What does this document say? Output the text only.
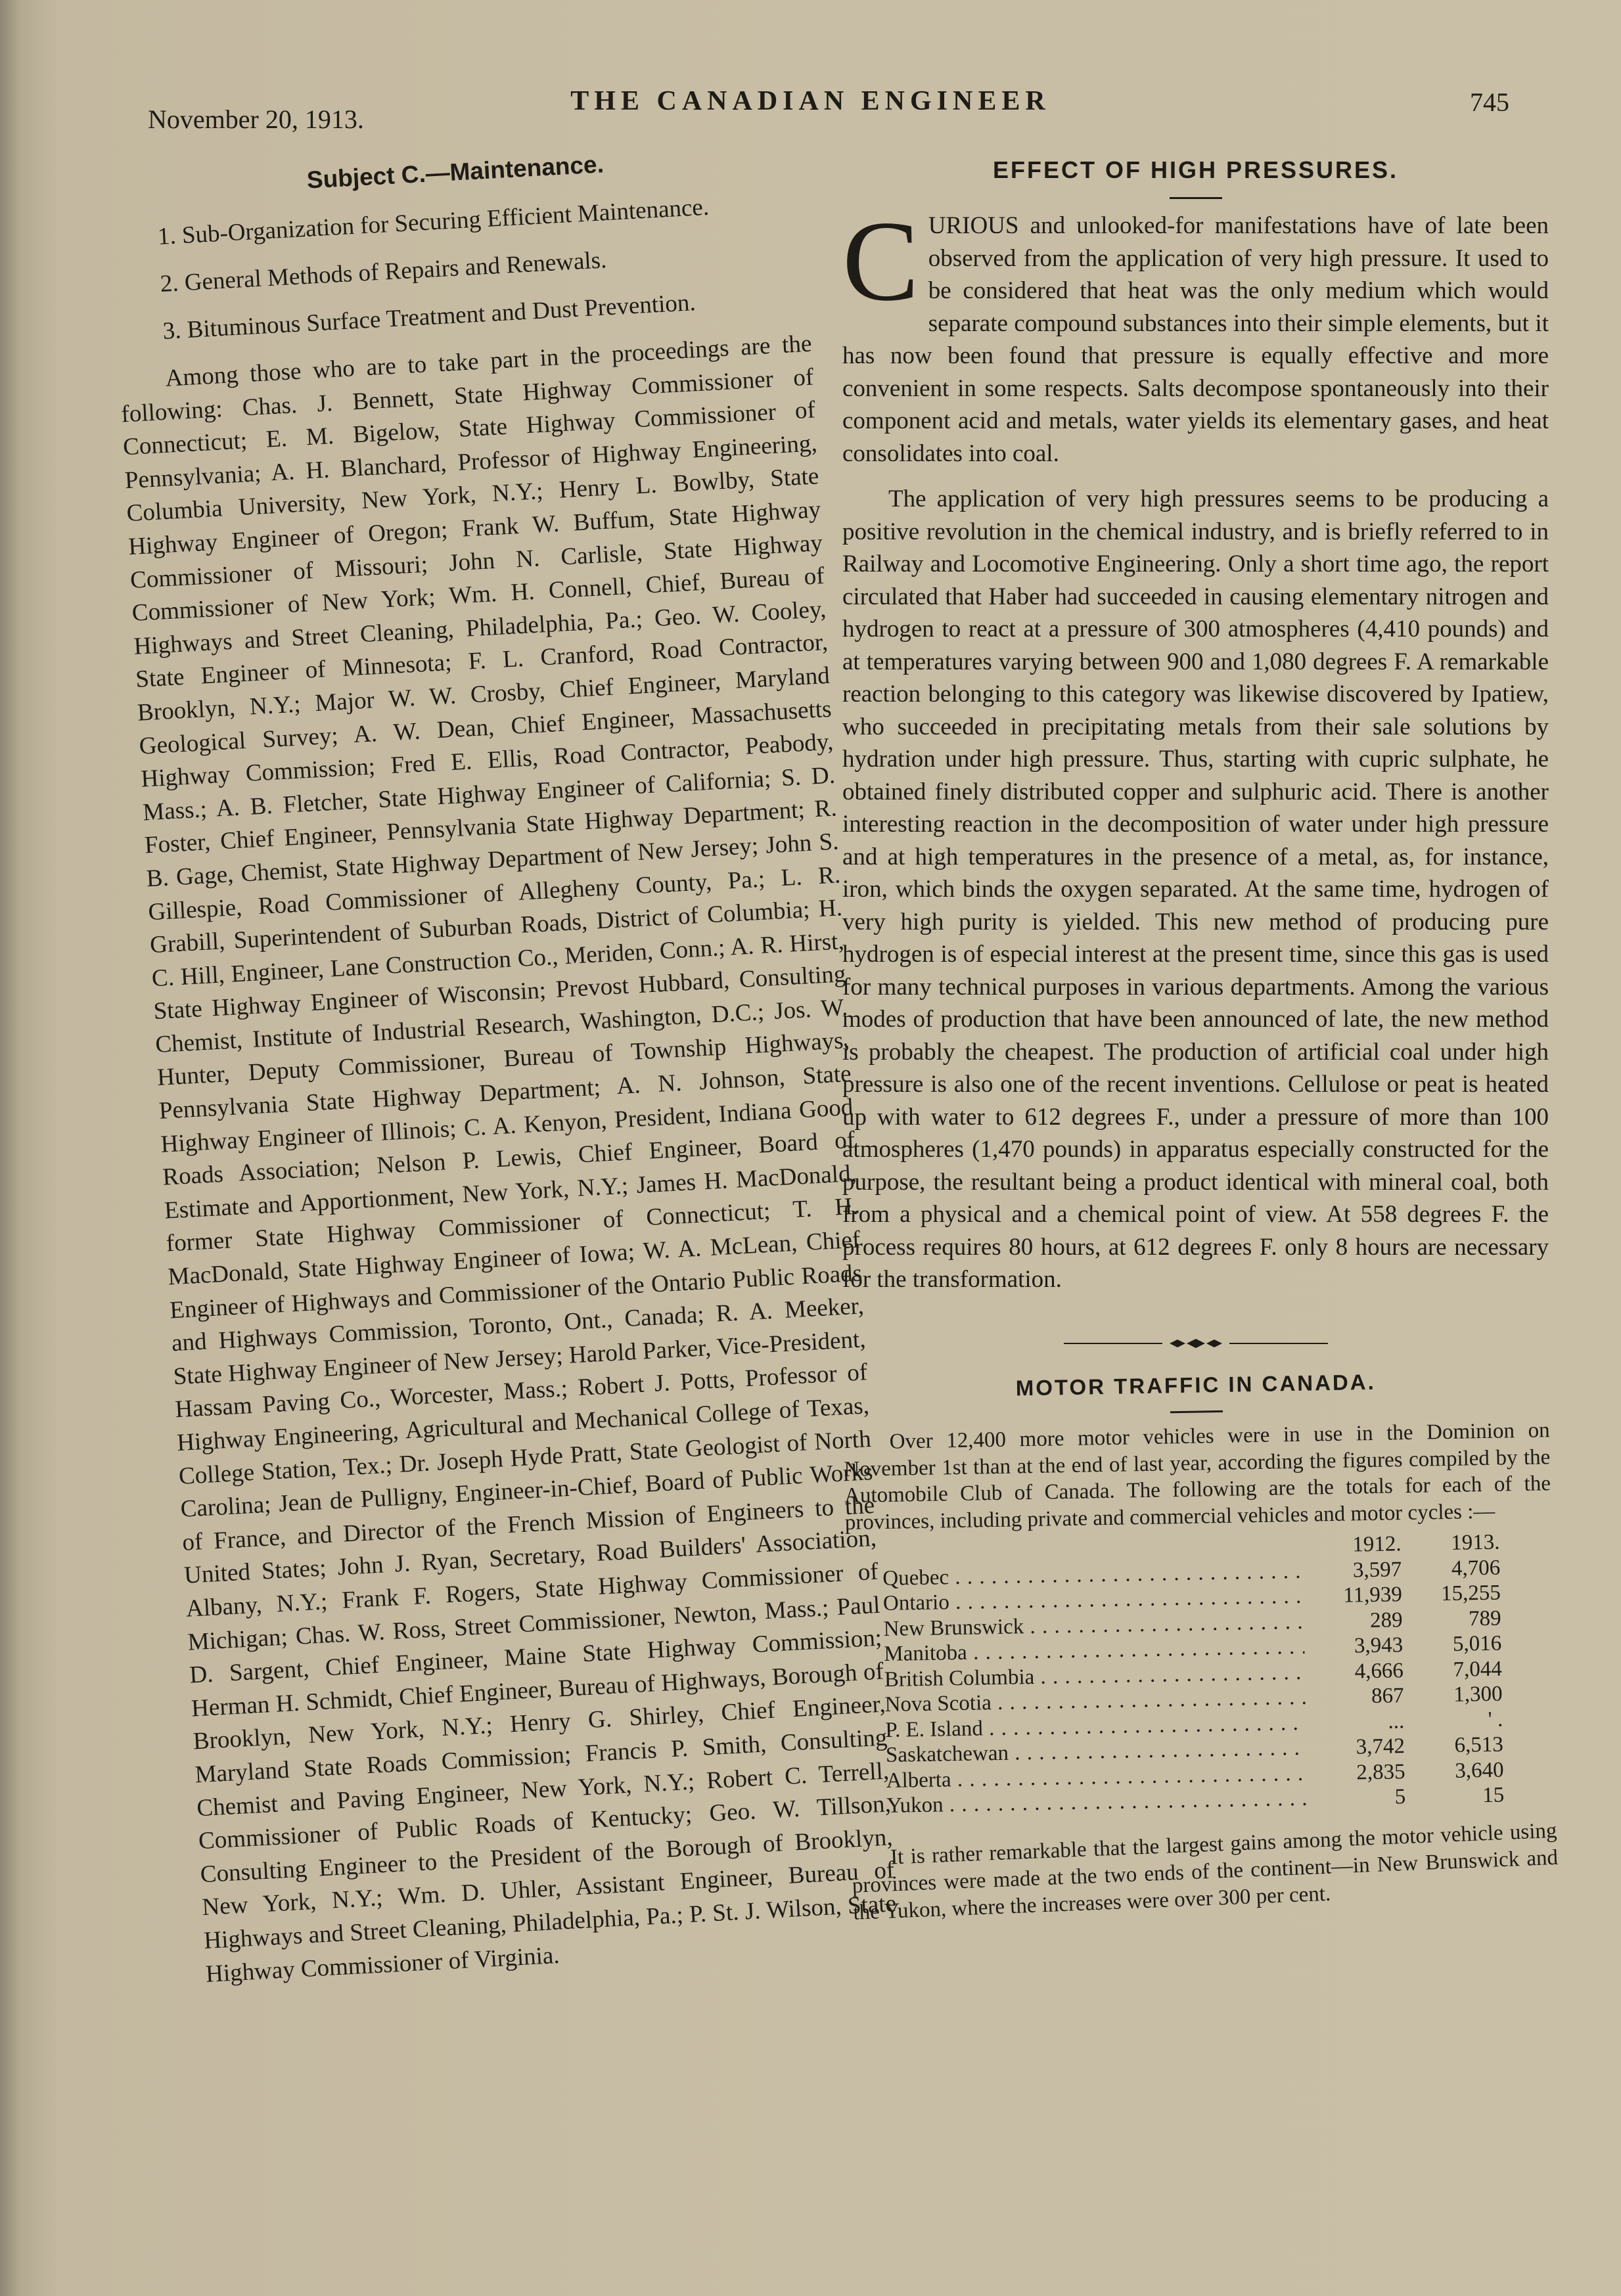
November 20, 1913.
THE CANADIAN ENGINEER	745
Subject C.—Maintenance.

1. Sub-Organization for Securing Efficient Maintenance.

2. General Methods of Repairs and Renewals.

3. Bituminous Surface Treatment and Dust Prevention.

Among those who are to take part in the proceedings are the following: Chas. J. Bennett, State Highway Commissioner of Connecticut; E. M. Bigelow, State Highway Commissioner of Pennsylvania; A. H. Blanchard, Professor of Highway Engineering, Columbia University, New York, N.Y.; Henry L. Bowlby, State Highway Engineer of Oregon; Frank W. Buffum, State Highway Commissioner of Missouri; John N. Carlisle, State Highway Commissioner of New York; Wm. H. Connell, Chief, Bureau of Highways and Street Cleaning, Philadelphia, Pa.; Geo. W. Cooley, State Engineer of Minnesota; F. L. Cranford, Road Contractor, Brooklyn, N.Y.; Major W. W. Crosby, Chief Engineer, Maryland Geological Survey; A. W. Dean, Chief Engineer, Massachusetts Highway Commission; Fred E. Ellis, Road Contractor, Peabody, Mass.; A. B. Fletcher, State Highway Engineer of California; S. D. Foster, Chief Engineer, Pennsylvania State Highway Department; R. B. Gage, Chemist, State Highway Department of New Jersey; John S. Gillespie, Road Commissioner of Allegheny County, Pa.; L. R. Grabill, Superintendent of Suburban Roads, District of Columbia; H. C. Hill, Engineer, Lane Construction Co., Meriden, Conn.; A. R. Hirst, State Highway Engineer of Wisconsin; Prevost Hubbard, Consulting Chemist, Institute of Industrial Research, Washington, D.C.; Jos. W. Hunter, Deputy Commissioner, Bureau of Township Highways, Pennsylvania State Highway Department; A. N. Johnson, State Highway Engineer of Illinois; C. A. Kenyon, President, Indiana Good Roads Association; Nelson P. Lewis, Chief Engineer, Board of Estimate and Apportionment, New York, N.Y.; James H. MacDonald, former State Highway Commissioner of Connecticut; T. H. MacDonald, State Highway Engineer of Iowa; W. A. McLean, Chief Engineer of Highways and Commissioner of the Ontario Public Roads and Highways Commission, Toronto, Ont., Canada; R. A. Meeker, State Highway Engineer of New Jersey; Harold Parker, Vice-President, Hassam Paving Co., Worcester, Mass.; Robert J. Potts, Professor of Highway Engineering, Agricultural and Mechanical College of Texas, College Station, Tex.; Dr. Joseph Hyde Pratt, State Geologist of North Carolina; Jean de Pulligny, Engineer-in-Chief, Board of Public Works of France, and Director of the French Mission of Engineers to the United States; John J. Ryan, Secretary, Road Builders' Association, Albany, N.Y.; Frank F. Rogers, State Highway Commissioner of Michigan; Chas. W. Ross, Street Commissioner, Newton, Mass.; Paul D. Sargent, Chief Engineer, Maine State Highway Commission; Herman H. Schmidt, Chief Engineer, Bureau of Highways, Borough of Brooklyn, New York, N.Y.; Henry G. Shirley, Chief Engineer, Maryland State Roads Commission; Francis P. Smith, Consulting Chemist and Paving Engineer, New York, N.Y.; Robert C. Terrell, Commissioner of Public Roads of Kentucky; Geo. W. Tillson, Consulting Engineer to the President of the Borough of Brooklyn, New York, N.Y.; Wm. D. Uhler, Assistant Engineer, Bureau of Highways and Street Cleaning, Philadelphia, Pa.; P. St. J. Wilson, State Highway Commissioner of Virginia.

EFFECT OF HIGH PRESSURES.

CURIOUS and unlooked-for manifestations have of late been observed from the application of very high pressure. It used to be considered that heat was the only medium which would separate compound substances into their simple elements, but it has now been found that pressure is equally effective and more convenient in some respects. Salts decompose spontaneously into their component acid and metals, water yields its elementary gases, and heat consolidates into coal.

The application of very high pressures seems to be producing a positive revolution in the chemical industry, and is briefly referred to in Railway and Locomotive Engineering. Only a short time ago, the report circulated that Haber had succeeded in causing elementary nitrogen and hydrogen to react at a pressure of 300 atmospheres (4,410 pounds) and at temperatures varying between 900 and 1,080 degrees F. A remarkable reaction belonging to this category was likewise discovered by Ipatiew, who succeeded in precipitating metals from their sale solutions by hydration under high pressure. Thus, starting with cupric sulphate, he obtained finely distributed copper and sulphuric acid. There is another interesting reaction in the decomposition of water under high pressure and at high temperatures in the presence of a metal, as, for instance, iron, which binds the oxygen separated. At the same time, hydrogen of very high purity is yielded. This new method of producing pure hydrogen is of especial interest at the present time, since this gas is used for many technical purposes in various departments. Among the various modes of production that have been announced of late, the new method is probably the cheapest. The production of artificial coal under high pressure is also one of the recent inventions. Cellulose or peat is heated up with water to 612 degrees F., under a pressure of more than 100 atmospheres (1,470 pounds) in apparatus especially constructed for the purpose, the resultant being a product identical with mineral coal, both from a physical and a chemical point of view. At 558 degrees F. the process requires 80 hours, at 612 degrees F. only 8 hours are necessary for the transformation.

MOTOR TRAFFIC IN CANADA.

Over 12,400 more motor vehicles were in use in the Dominion on November 1st than at the end of last year, according the figures compiled by the Automobile Club of Canada. The following are the totals for each of the provinces, including private and commercial vehicles and motor cycles :—

1912.	1913.
Quebec . . .	3,597	4,706
Ontario . . .	11,939	15,255
New Brunswick . . .	289	789
Manitoba . . .	3,943	5,016
British Columbia . . .	4,666	7,044
Nova Scotia . . .	867	1,300
P. E. Island . . .	...	' .
Saskatchewan . . .	3,742	6,513
Alberta . . .	2,835	3,640
Yukon . . .	5	15

It is rather remarkable that the largest gains among the motor vehicle using provinces were made at the two ends of the continent—in New Brunswick and the Yukon, where the increases were over 300 per cent.
